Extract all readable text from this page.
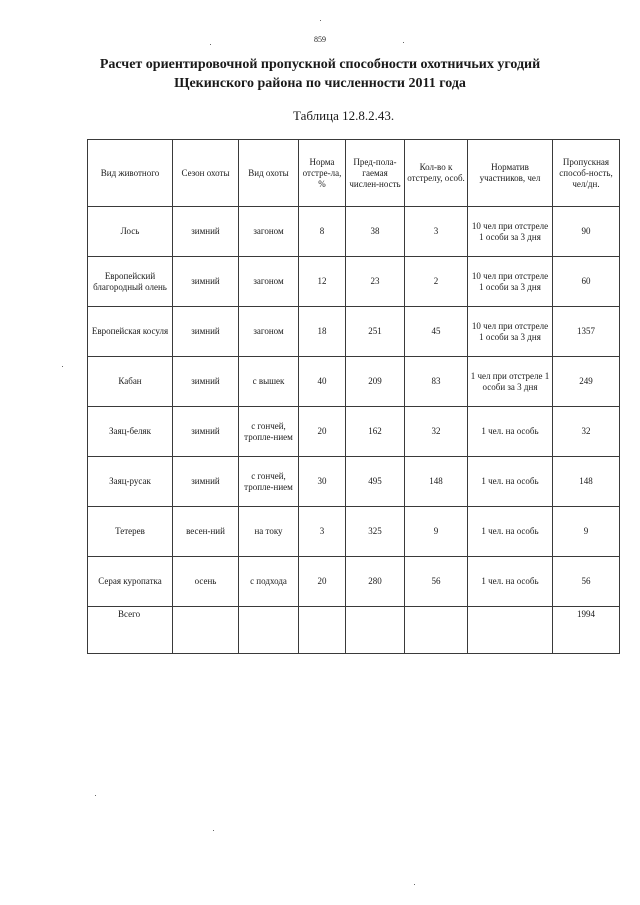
859
Расчет ориентировочной пропускной способности охотничьих угодий
Щекинского района по численности 2011 года
Таблица 12.8.2.43.
Вид животного	Сезон охоты	Вид охоты	Норма отстре-ла, %	Пред-пола-гаемая числен-ность	Кол-во к отстрелу, особ.	Норматив участников, чел	Пропускная способ-ность, чел/дн.
Лось	зимний	загоном	8	38	3	10 чел при отстреле 1 особи за 3 дня	90
Европейский благородный олень	зимний	загоном	12	23	2	10 чел при отстреле 1 особи за 3 дня	60
Европейская косуля	зимний	загоном	18	251	45	10 чел при отстреле 1 особи за 3 дня	1357
Кабан	зимний	с вышек	40	209	83	1 чел при отстреле 1 особи за 3 дня	249
Заяц-беляк	зимний	с гончей, тропле-нием	20	162	32	1 чел. на особь	32
Заяц-русак	зимний	с гончей, тропле-нием	30	495	148	1 чел. на особь	148
Тетерев	весен-ний	на току	3	325	9	1 чел. на особь	9
Серая куропатка	осень	с подхода	20	280	56	1 чел. на особь	56
Всего							1994
